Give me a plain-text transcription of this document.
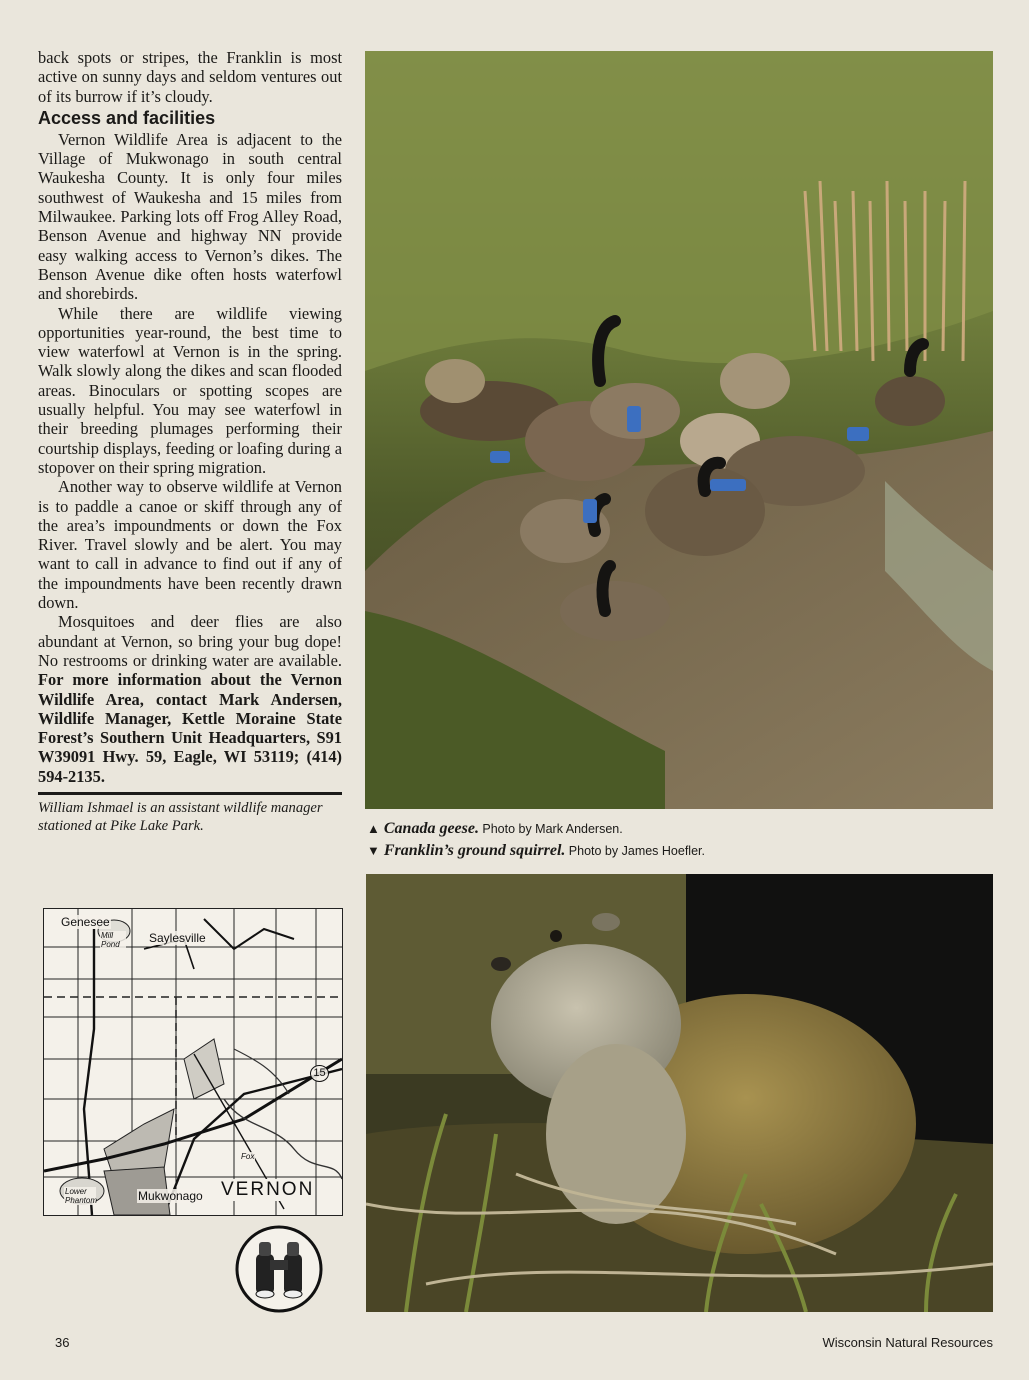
back spots or stripes, the Franklin is most active on sunny days and seldom ventures out of its burrow if it’s cloudy.

Access and facilities

Vernon Wildlife Area is adjacent to the Village of Mukwonago in south central Waukesha County. It is only four miles southwest of Waukesha and 15 miles from Milwaukee. Parking lots off Frog Alley Road, Benson Avenue and highway NN provide easy walking access to Vernon’s dikes. The Benson Avenue dike often hosts waterfowl and shorebirds.

While there are wildlife viewing opportunities year-round, the best time to view waterfowl at Vernon is in the spring. Walk slowly along the dikes and scan flooded areas. Binoculars or spotting scopes are usually helpful. You may see waterfowl in their breeding plumages performing their courtship displays, feeding or loafing during a stopover on their spring migration.

Another way to observe wildlife at Vernon is to paddle a canoe or skiff through any of the area’s impoundments or down the Fox River. Travel slowly and be alert. You may want to call in advance to find out if any of the impoundments have been recently drawn down.

Mosquitoes and deer flies are also abundant at Vernon, so bring your bug dope! No restrooms or drinking water are available. For more information about the Vernon Wildlife Area, contact Mark Andersen, Wildlife Manager, Kettle Moraine State Forest’s Southern Unit Headquarters, S91 W39091 Hwy. 59, Eagle, WI 53119; (414) 594-2135.

William Ishmael is an assistant wildlife manager stationed at Pike Lake Park.

Genesee
Mill Pond	Saylesville
15
Fox
Lower Phantom	Mukwonago VERNON
▲ Canada geese. Photo by Mark Andersen.
▼ Franklin’s ground squirrel. Photo by James Hoefler.
36	Wisconsin Natural Resources
